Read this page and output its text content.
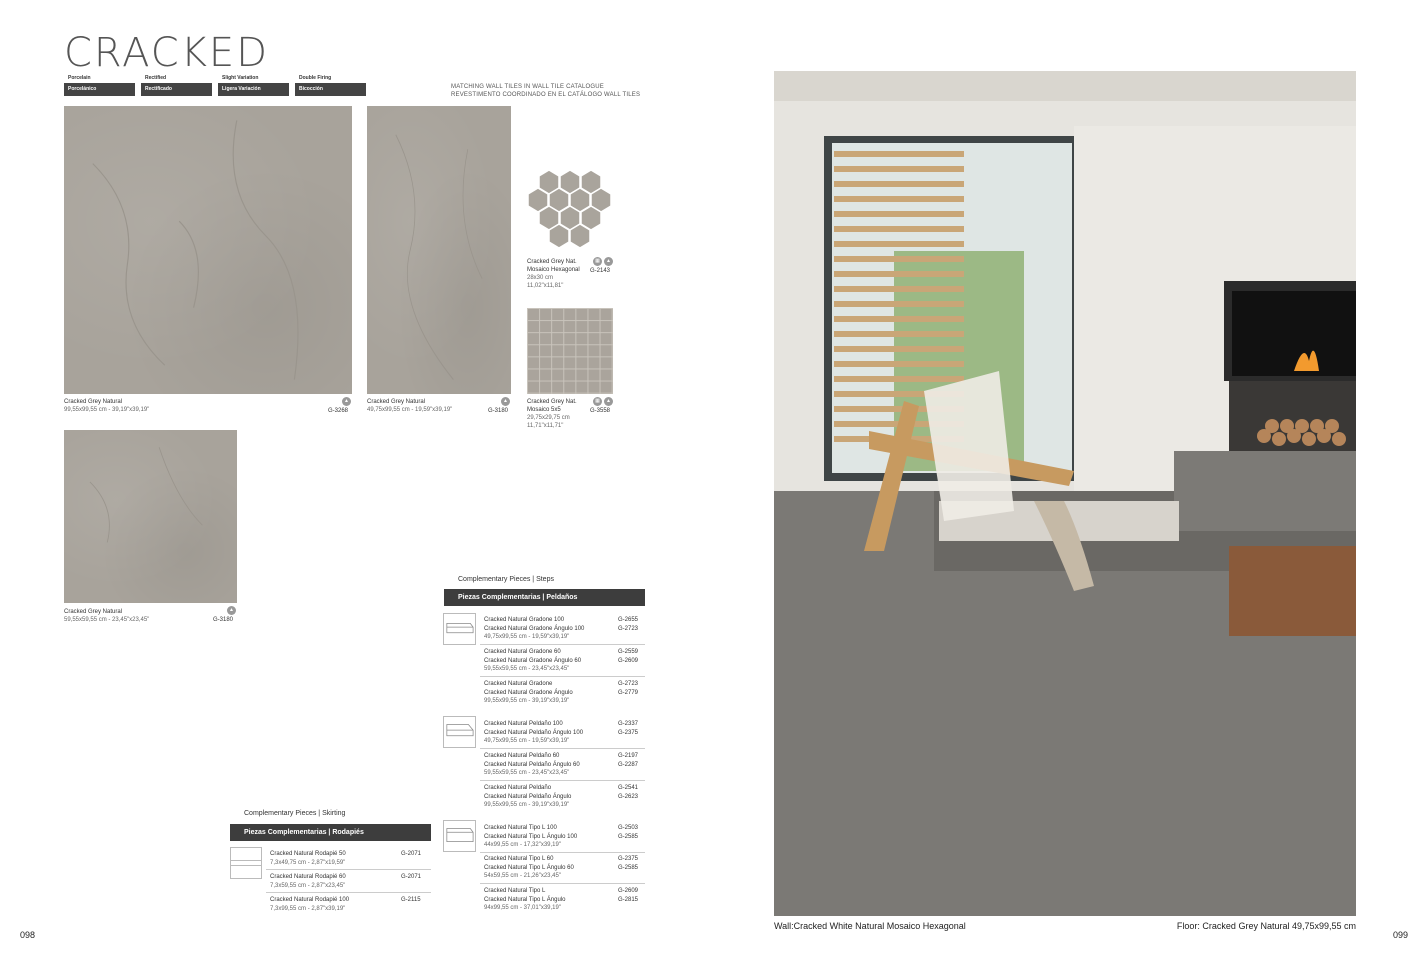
CRACKED
Porcelain
Porcelánico
Rectified
Rectificado
Slight Variation
Ligera Variación
Double Firing
Bicocción	MATCHING WALL TILES IN WALL TILE CATALOGUE
REVESTIMENTO COORDINADO EN EL CATÁLOGO WALL TILES
Cracked Grey Natural
99,55x99,55 cm - 39,19"x39,19"
▲
G-3268
Cracked Grey Natural
49,75x99,55 cm - 19,59"x39,19"
▲
G-3180
Cracked Grey Natural
59,55x59,55 cm - 23,45"x23,45"
▲
G-3180
Cracked Grey Nat.
Mosaico Hexagonal
28x30 cm
11,02"x11,81"
▦	▲
G-2143
Cracked Grey Nat.
Mosaico 5x5
29,75x29,75 cm
11,71"x11,71"
▦	▲
G-3558
Complementary Pieces | Skirting
Piezas Complementarias | Rodapiés
Cracked Natural Rodapié 50
7,3x49,75 cm - 2,87"x19,59"
G-2071
Cracked Natural Rodapié 60
7,3x59,55 cm - 2,87"x23,45"
G-2071
Cracked Natural Rodapié 100
7,3x99,55 cm - 2,87"x39,19"
G-2115
Complementary Pieces | Steps
Piezas Complementarias | Peldaños
Cracked Natural Gradone 100
Cracked Natural Gradone Ángulo 100
49,75x99,55 cm - 19,59"x39,19"
G-2655
G-2723
Cracked Natural Gradone 60
Cracked Natural Gradone Ángulo 60
59,55x59,55 cm - 23,45"x23,45"
G-2559
G-2609
Cracked Natural Gradone
Cracked Natural Gradone Ángulo
99,55x99,55 cm - 39,19"x39,19"
G-2723
G-2779
Cracked Natural Peldaño 100
Cracked Natural Peldaño Ángulo 100
49,75x99,55 cm - 19,59"x39,19"
G-2337
G-2375
Cracked Natural Peldaño 60
Cracked Natural Peldaño Ángulo 60
59,55x59,55 cm - 23,45"x23,45"
G-2197
G-2287
Cracked Natural Peldaño
Cracked Natural Peldaño Ángulo
99,55x99,55 cm - 39,19"x39,19"
G-2541
G-2623
Cracked Natural Tipo L 100
Cracked Natural Tipo L Ángulo 100
44x99,55 cm - 17,32"x39,19"
G-2503
G-2585
Cracked Natural Tipo L 60
Cracked Natural Tipo L Ángulo 60
54x59,55 cm - 21,26"x23,45"
G-2375
G-2585
Cracked Natural Tipo L
Cracked Natural Tipo L Ángulo
94x99,55 cm - 37,01"x39,19"
G-2609
G-2815
Wall:Cracked White Natural Mosaico Hexagonal	Floor: Cracked Grey Natural 49,75x99,55 cm
098	099
